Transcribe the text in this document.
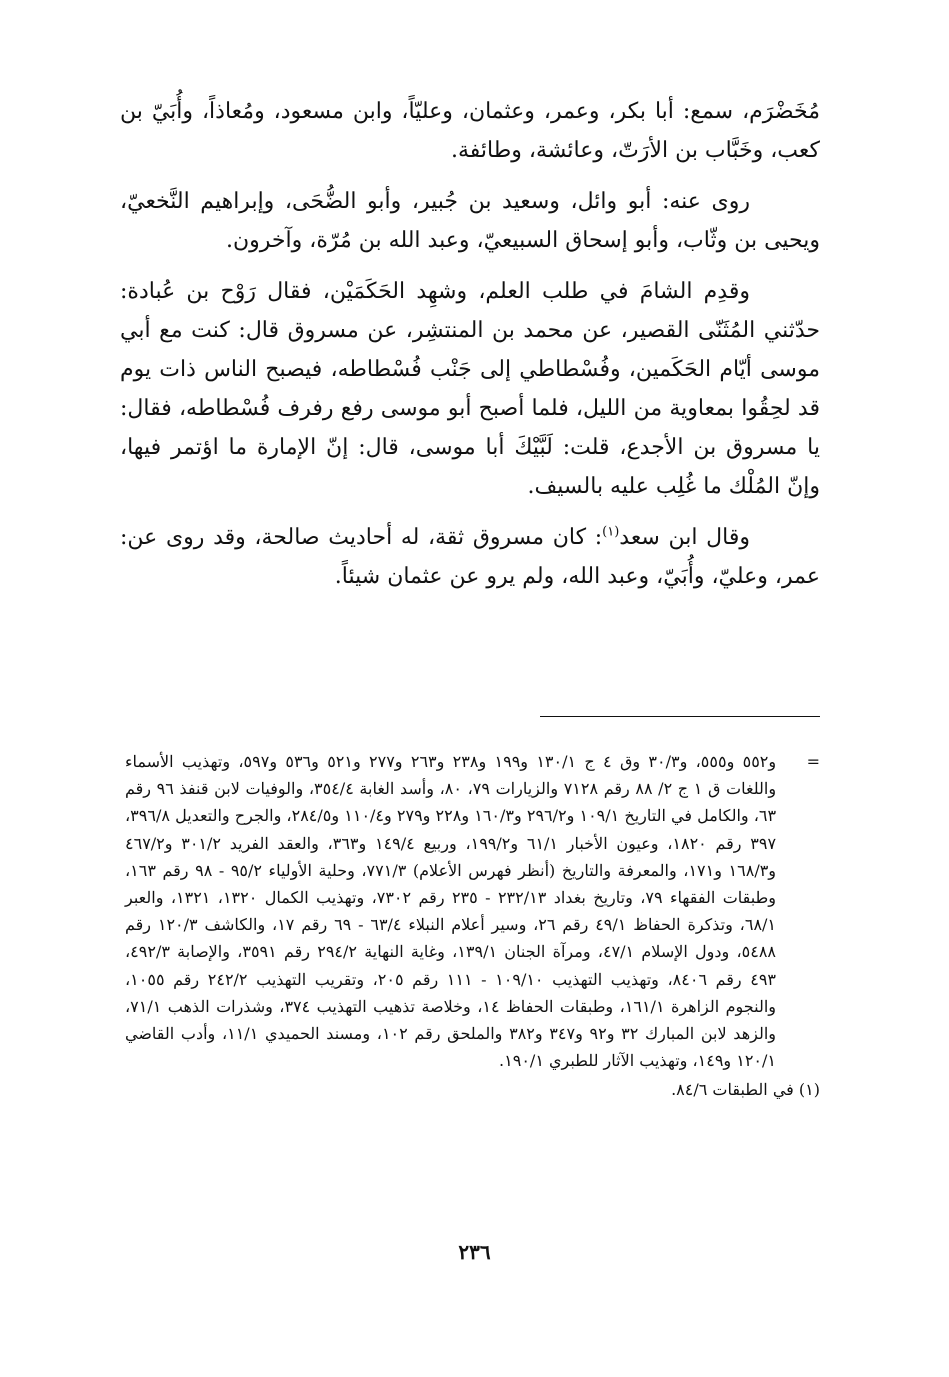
مُخَضْرَم، سمع: أبا بكر، وعمر، وعثمان، وعليّاً، وابن مسعود، ومُعاذاً، وأُبَيّ بن كعب، وخَبَّاب بن الأرَتّ، وعائشة، وطائفة.

روى عنه: أبو وائل، وسعيد بن جُبير، وأبو الضُّحَى، وإبراهيم النَّخعيّ، ويحيى بن وثّاب، وأبو إسحاق السبيعيّ، وعبد الله بن مُرّة، وآخرون.

وقدِم الشامَ في طلب العلم، وشهِد الحَكَمَيْن، فقال رَوْح بن عُبادة: حدّثني المُثَنّى القصير، عن محمد بن المنتشِر، عن مسروق قال: كنت مع أبي موسى أيّام الحَكَمين، وفُسْطاطي إلى جَنْب فُسْطاطه، فيصبح الناس ذات يوم قد لحِقُوا بمعاوية من الليل، فلما أصبح أبو موسى رفع رفرف فُسْطاطه، فقال: يا مسروق بن الأجدع، قلت: لَبَّيْكَ أبا موسى، قال: إنّ الإمارة ما اؤتمر فيها، وإنّ المُلْك ما غُلِب عليه بالسيف.

وقال ابن سعد$^{(١)}$: كان مسروق ثقة، له أحاديث صالحة، وقد روى عن: عمر، وعليّ، وأُبَيّ، وعبد الله، ولم يرو عن عثمان شيئاً.

=
و٥٥٢ و٥٥٥، و٣٠/٣ وق ٤ ج ١٣٠/١ و١٩٩ و٢٣٨ و٢٦٣ و٢٧٧ و٥٢١ و٥٣٦ و٥٩٧، وتهذيب الأسماء واللغات ق ١ ج ٢/ ٨٨ رقم ٧١٢٨ والزيارات ٧٩، ٨٠، وأسد الغابة ٣٥٤/٤، والوفيات لابن قنفذ ٩٦ رقم ٦٣، والكامل في التاريخ ١٠٩/١ و٢٩٦/٢ و١٦٠/٣ و٢٢٨ و٢٧٩ و١١٠/٤ و٢٨٤/٥، والجرح والتعديل ٣٩٦/٨، ٣٩٧ رقم ١٨٢٠، وعيون الأخبار ٦١/١ و١٩٩/٢، وربيع ١٤٩/٤ و٣٦٣، والعقد الفريد ٣٠١/٢ و٤٦٧/٢ و١٦٨/٣ و١٧١، والمعرفة والتاريخ (أنظر فهرس الأعلام) ٧٧١/٣، وحلية الأولياء ٩٥/٢ - ٩٨ رقم ١٦٣، وطبقات الفقهاء ٧٩، وتاريخ بغداد ٢٣٢/١٣ - ٢٣٥ رقم ٧٣٠٢، وتهذيب الكمال ١٣٢٠، ١٣٢١، والعبر ٦٨/١، وتذكرة الحفاظ ٤٩/١ رقم ٢٦، وسير أعلام النبلاء ٦٣/٤ - ٦٩ رقم ١٧، والكاشف ١٢٠/٣ رقم ٥٤٨٨، ودول الإسلام ٤٧/١، ومرآة الجنان ١٣٩/١، وغاية النهاية ٢٩٤/٢ رقم ٣٥٩١، والإصابة ٤٩٢/٣، ٤٩٣ رقم ٨٤٠٦، وتهذيب التهذيب ١٠٩/١٠ - ١١١ رقم ٢٠٥، وتقريب التهذيب ٢٤٢/٢ رقم ١٠٥٥، والنجوم الزاهرة ١٦١/١، وطبقات الحفاظ ١٤، وخلاصة تذهيب التهذيب ٣٧٤، وشذرات الذهب ٧١/١، والزهد لابن المبارك ٣٢ و٩٢ و٣٤٧ و٣٨٢ والملحق رقم ١٠٢، ومسند الحميدي ١١/١، وأدب القاضي ١٢٠/١ و١٤٩، وتهذيب الآثار للطبري ١٩٠/١.
(١) في الطبقات ٨٤/٦.
٢٣٦
